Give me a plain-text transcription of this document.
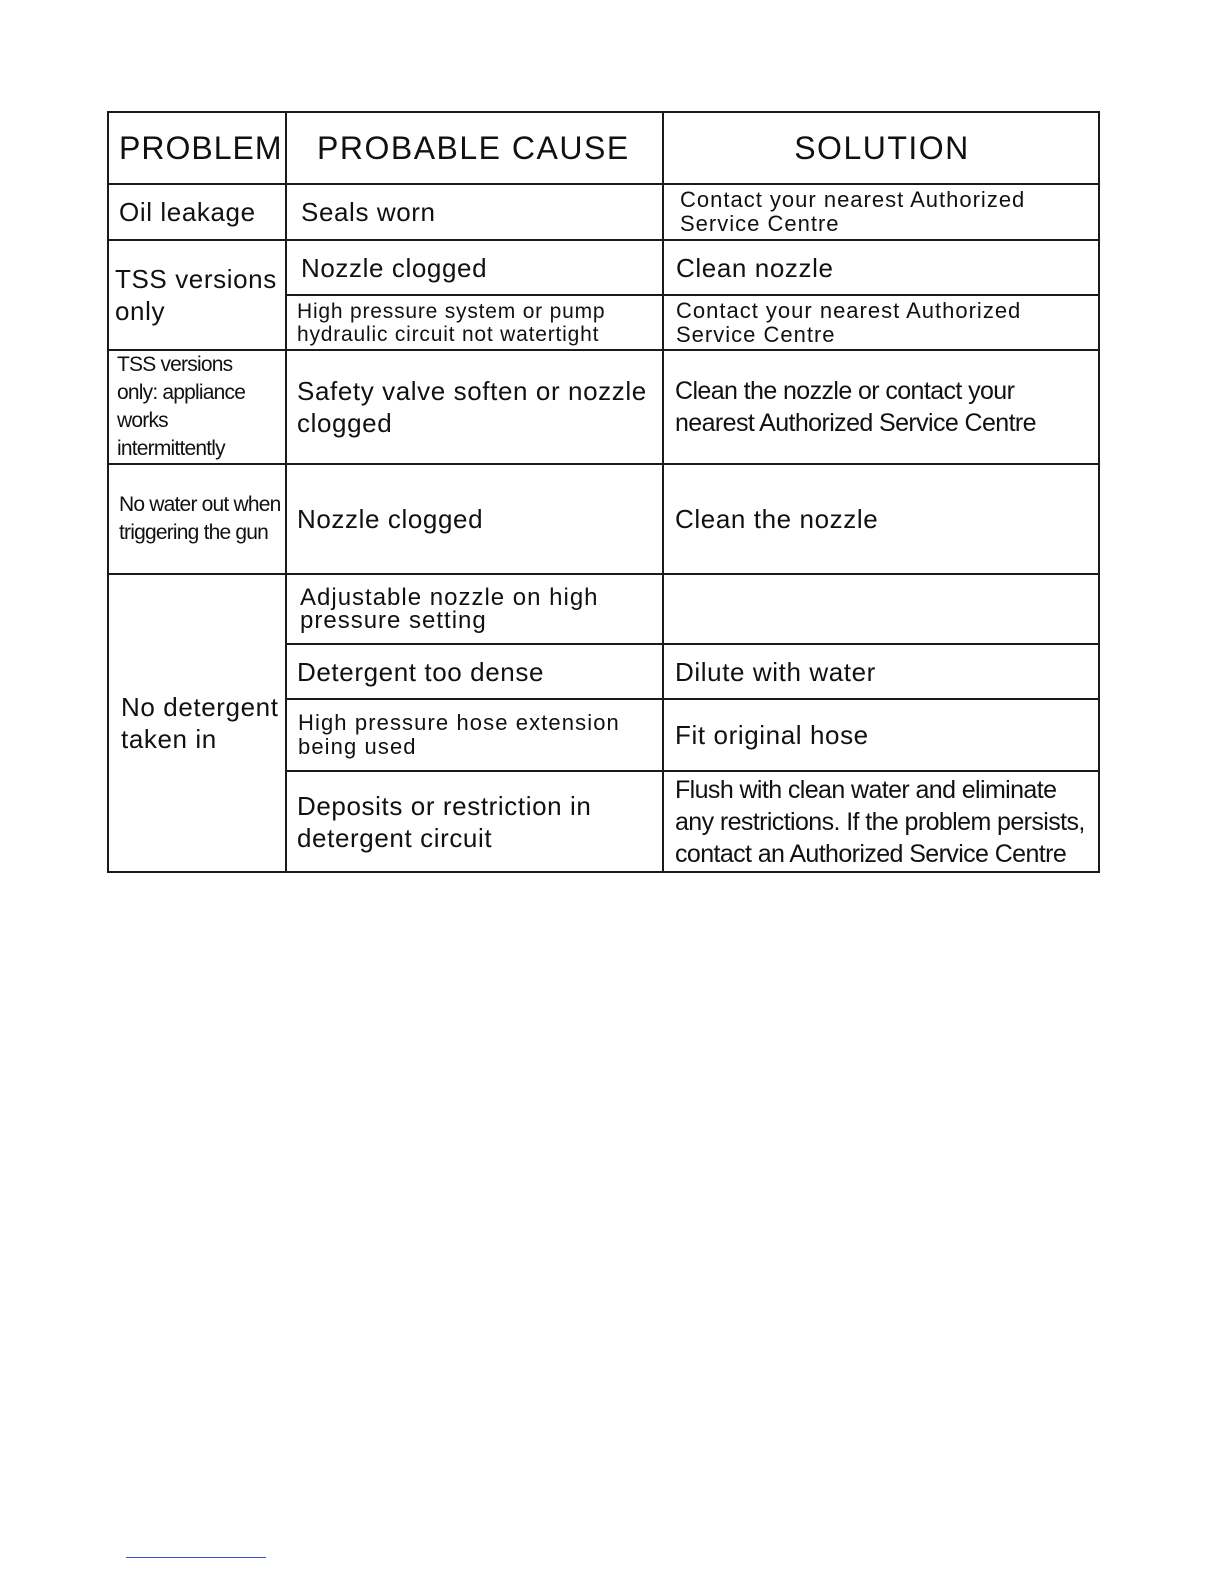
PROBLEM	PROBABLE CAUSE	SOLUTION
Oil leakage	Seals worn	Contact your nearest Authorized Service Centre
TSS versions only	Nozzle clogged	Clean nozzle
	High pressure system or pump hydraulic circuit not watertight	Contact your nearest Authorized Service Centre
TSS versions only: appliance works intermittently	Safety valve soften or nozzle clogged	Clean the nozzle or contact your nearest Authorized Service Centre
No water out when triggering the gun	Nozzle clogged	Clean the nozzle
No detergent taken in	Adjustable nozzle on high pressure setting	
	Detergent too dense	Dilute with water
	High pressure hose extension being used	Fit original hose
	Deposits or restriction in detergent circuit	Flush with clean water and eliminate any restrictions. If the problem persists, contact an Authorized Service Centre
